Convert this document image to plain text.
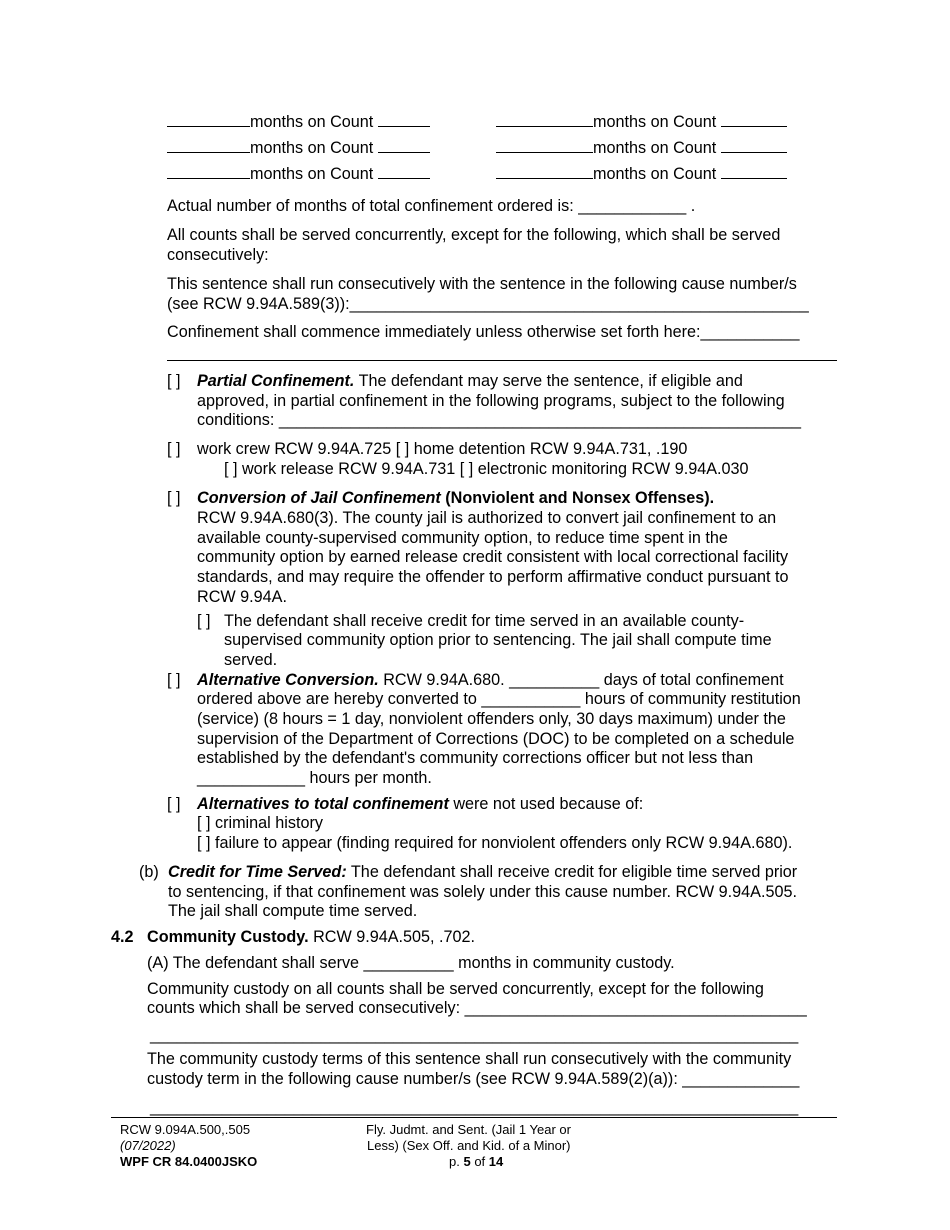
months on Count	months on Count
months on Count	months on Count
months on Count	months on Count
Actual number of months of total confinement ordered is: ____________ .
All counts shall be served concurrently, except for the following, which shall be served
consecutively:
This sentence shall run consecutively with the sentence in the following cause number/s
(see RCW 9.94A.589(3)):___________________________________________________
Confinement shall commence immediately unless otherwise set forth here:___________
[ ] Partial Confinement. The defendant may serve the sentence, if eligible and
approved, in partial confinement in the following programs, subject to the following
conditions: __________________________________________________________
[ ] work crew RCW 9.94A.725 [ ] home detention RCW 9.94A.731, .190
[ ] work release RCW 9.94A.731 [ ] electronic monitoring RCW 9.94A.030
[ ] Conversion of Jail Confinement (Nonviolent and Nonsex Offenses).
RCW 9.94A.680(3). The county jail is authorized to convert jail confinement to an
available county-supervised community option, to reduce time spent in the
community option by earned release credit consistent with local correctional facility
standards, and may require the offender to perform affirmative conduct pursuant to
RCW 9.94A.
[ ] The defendant shall receive credit for time served in an available county-
supervised community option prior to sentencing. The jail shall compute time
served.
[ ] Alternative Conversion. RCW 9.94A.680. __________ days of total confinement
ordered above are hereby converted to ___________ hours of community restitution
(service) (8 hours = 1 day, nonviolent offenders only, 30 days maximum) under the
supervision of the Department of Corrections (DOC) to be completed on a schedule
established by the defendant's community corrections officer but not less than
____________ hours per month.
[ ] Alternatives to total confinement were not used because of:
[ ] criminal history
[ ] failure to appear (finding required for nonviolent offenders only RCW 9.94A.680).
(b) Credit for Time Served: The defendant shall receive credit for eligible time served prior
to sentencing, if that confinement was solely under this cause number. RCW 9.94A.505.
The jail shall compute time served.
4.2 Community Custody. RCW 9.94A.505, .702.
(A) The defendant shall serve __________ months in community custody.
Community custody on all counts shall be served concurrently, except for the following
counts which shall be served consecutively: ______________________________________
________________________________________________________________________
The community custody terms of this sentence shall run consecutively with the community
custody term in the following cause number/s (see RCW 9.94A.589(2)(a)): _____________
________________________________________________________________________
RCW 9.094A.500,.505
(07/2022)
WPF CR 84.0400JSKO
Fly. Judmt. and Sent. (Jail 1 Year or
Less) (Sex Off. and Kid. of a Minor)
p. 5 of 14
